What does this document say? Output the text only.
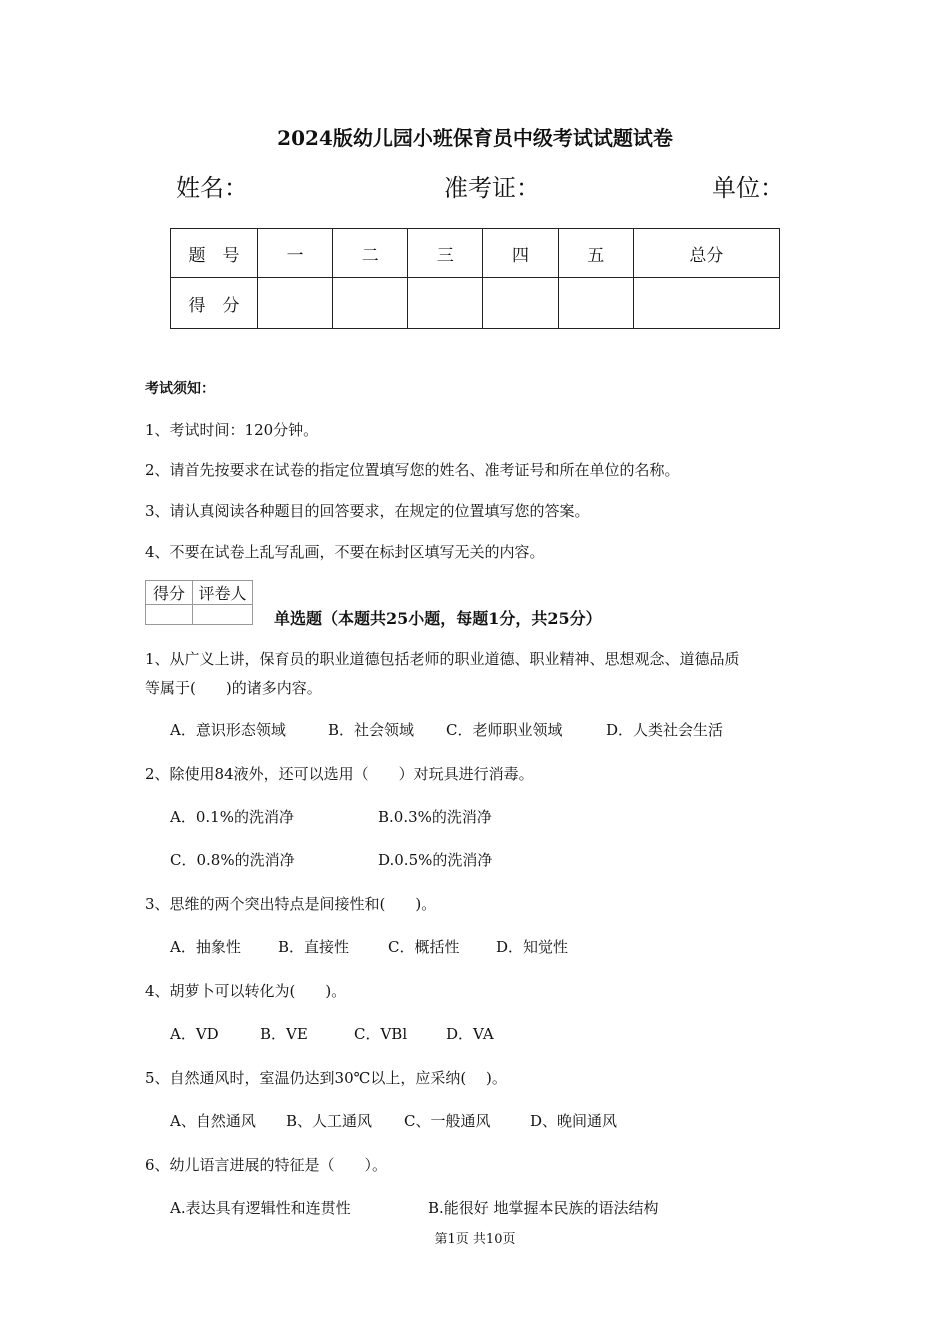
2024版幼儿园小班保育员中级考试试题试卷
姓名：	准考证：	单位：
题　号	一	二	三	四	五	总分
得　分						
考试须知：
1、考试时间：120分钟。
2、请首先按要求在试卷的指定位置填写您的姓名、准考证号和所在单位的名称。
3、请认真阅读各种题目的回答要求，在规定的位置填写您的答案。
4、不要在试卷上乱写乱画，不要在标封区填写无关的内容。
得分	评卷人

单选题（本题共25小题，每题1分，共25分）
1、从广义上讲，保育员的职业道德包括老师的职业道德、职业精神、思想观念、道德品质
等属于(　　)的诸多内容。
A．意识形态领域	B．社会领域 C．老师职业领域	D．人类社会生活
2、除使用84液外，还可以选用（　　）对玩具进行消毒。
A．0.1%的洗消净	B.0.3%的洗消净
C．0.8%的洗消净	D.0.5%的洗消净
3、思维的两个突出特点是间接性和(　　)。
A．抽象性 B．直接性	C．概括性 D．知觉性
4、胡萝卜可以转化为(　　)。
A．VD	B．VE	C．VBl	D．VA
5、自然通风时，室温仍达到30℃以上，应采纳(　 )。
A、自然通风 B、人工通风 C、一般通风	D、晚间通风
6、幼儿语言进展的特征是（　　）。
A.表达具有逻辑性和连贯性	B.能很好 地掌握本民族的语法结构
第1页 共10页
